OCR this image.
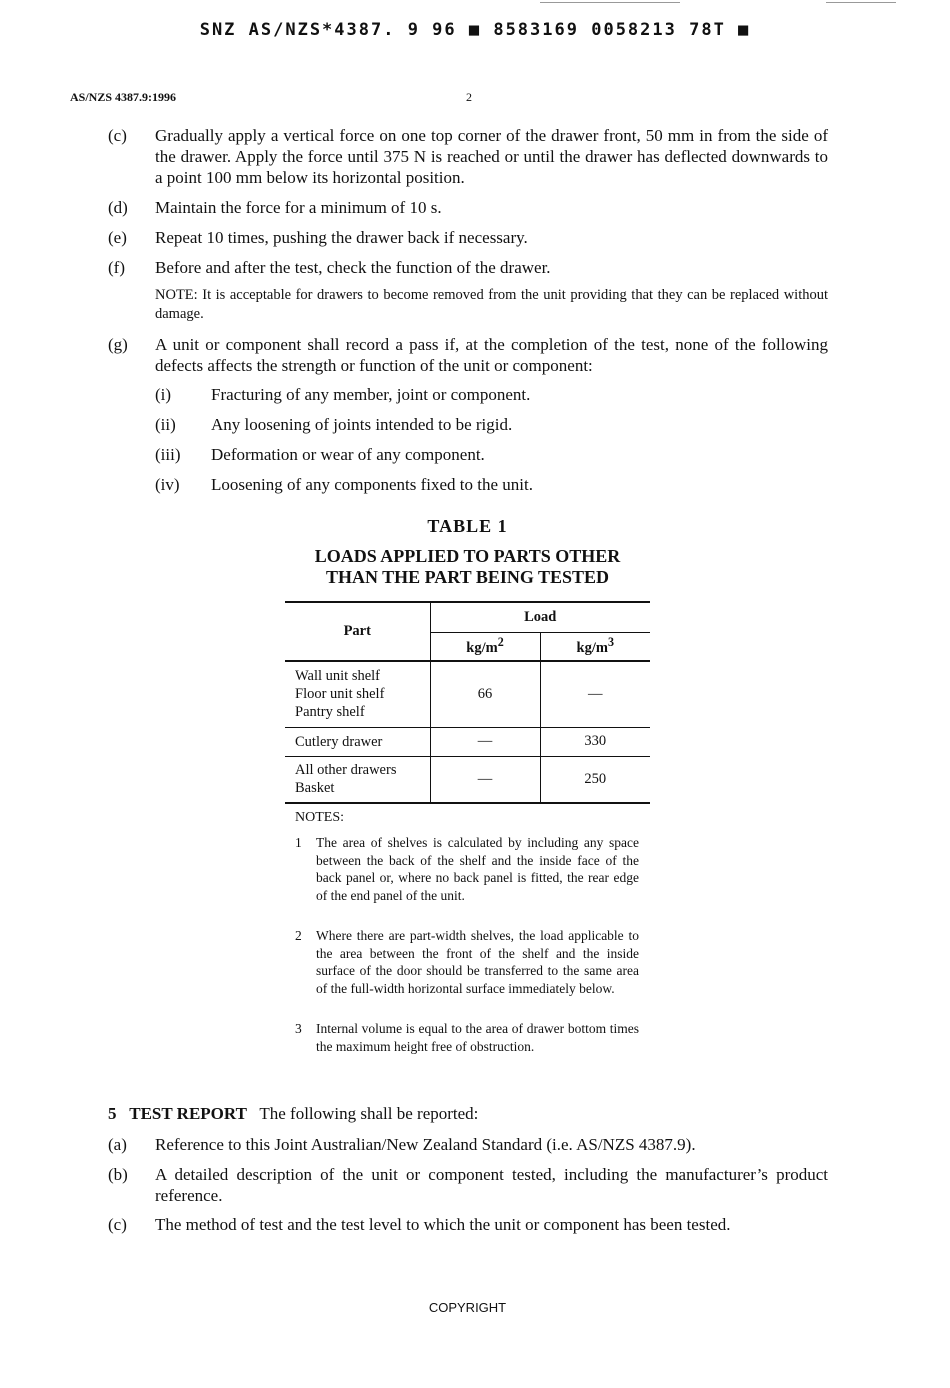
SNZ AS/NZS*4387. 9 96 ■ 8583169 0058213 78T ■
AS/NZS 4387.9:1996	2
(c) Gradually apply a vertical force on one top corner of the drawer front, 50 mm in from the side of the drawer. Apply the force until 375 N is reached or until the drawer has deflected downwards to a point 100 mm below its horizontal position.
(d) Maintain the force for a minimum of 10 s.
(e) Repeat 10 times, pushing the drawer back if necessary.
(f) Before and after the test, check the function of the drawer.
NOTE: It is acceptable for drawers to become removed from the unit providing that they can be replaced without damage.
(g) A unit or component shall record a pass if, at the completion of the test, none of the following defects affects the strength or function of the unit or component:
(i) Fracturing of any member, joint or component.
(ii) Any loosening of joints intended to be rigid.
(iii) Deformation or wear of any component.
(iv) Loosening of any components fixed to the unit.
TABLE 1
LOADS APPLIED TO PARTS OTHER
THAN THE PART BEING TESTED
Part	Load	
	$kg/m^2$	$kg/m^3$

Wall unit shelf
Floor unit shelf
Pantry shelf	66	—

Cutlery drawer	—	330

All other drawers
Basket	—	250
NOTES:
1 The area of shelves is calculated by including any space between the back of the shelf and the inside face of the back panel or, where no back panel is fitted, the rear edge of the end panel of the unit.
2 Where there are part-width shelves, the load applicable to the area between the front of the shelf and the inside surface of the door should be transferred to the same area of the full-width horizontal surface immediately below.
3 Internal volume is equal to the area of drawer bottom times the maximum height free of obstruction.
5 TEST REPORT The following shall be reported:
(a) Reference to this Joint Australian/New Zealand Standard (i.e. AS/NZS 4387.9).
(b) A detailed description of the unit or component tested, including the manufacturer’s product reference.
(c) The method of test and the test level to which the unit or component has been tested.
COPYRIGHT
